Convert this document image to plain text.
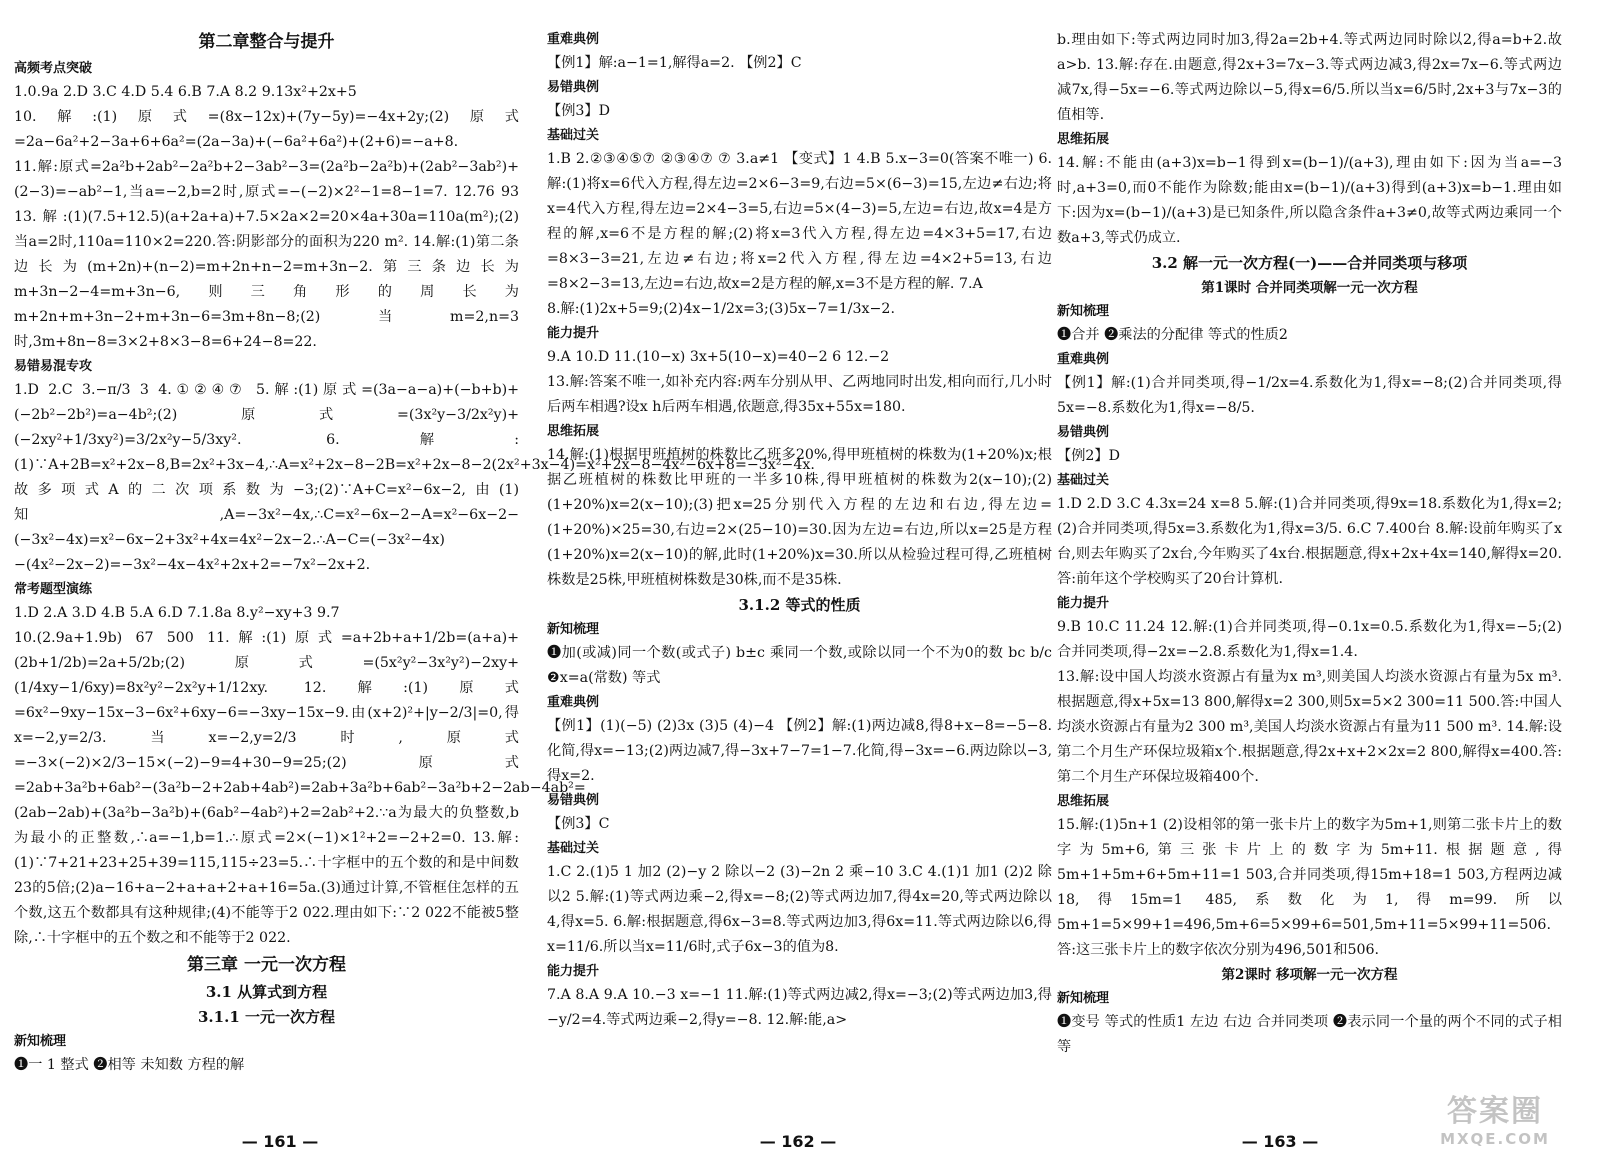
第二章整合与提升
高频考点突破

1.0.9a 2.D 3.C 4.D 5.4 6.B 7.A 8.2 9.13x²+2x+5

10.解:(1)原式=(8x−12x)+(7y−5y)=−4x+2y;(2)原式=2a−6a²+2−3a+6+6a²=(2a−3a)+(−6a²+6a²)+(2+6)=−a+8.

11.解:原式=2a²b+2ab²−2a²b+2−3ab²−3=(2a²b−2a²b)+(2ab²−3ab²)+(2−3)=−ab²−1,当a=−2,b=2时,原式=−(−2)×2²−1=8−1=7. 12.76 93 13.解:(1)(7.5+12.5)(a+2a+a)+7.5×2a×2=20×4a+30a=110a(m²);(2)当a=2时,110a=110×2=220.答:阴影部分的面积为220 m². 14.解:(1)第二条边长为(m+2n)+(n−2)=m+2n+n−2=m+3n−2.第三条边长为m+3n−2−4=m+3n−6,则三角形的周长为m+2n+m+3n−2+m+3n−6=3m+8n−8;(2)当m=2,n=3时,3m+8n−8=3×2+8×3−8=6+24−8=22.

易错易混专攻

1.D 2.C 3.−π/3 3 4.①②④⑦ 5.解:(1)原式=(3a−a−a)+(−b+b)+(−2b²−2b²)=a−4b²;(2)原式=(3x²y−3/2x²y)+(−2xy²+1/3xy²)=3/2x²y−5/3xy². 6.解:(1)∵A+2B=x²+2x−8,B=2x²+3x−4,∴A=x²+2x−8−2B=x²+2x−8−2(2x²+3x−4)=x²+2x−8−4x²−6x+8=−3x²−4x.故多项式A的二次项系数为−3;(2)∵A+C=x²−6x−2,由(1)知,A=−3x²−4x,∴C=x²−6x−2−A=x²−6x−2−(−3x²−4x)=x²−6x−2+3x²+4x=4x²−2x−2.∴A−C=(−3x²−4x)−(4x²−2x−2)=−3x²−4x−4x²+2x+2=−7x²−2x+2.

常考题型演练

1.D 2.A 3.D 4.B 5.A 6.D 7.1.8a 8.y²−xy+3 9.7

10.(2.9a+1.9b) 67 500 11.解:(1)原式=a+2b+a+1/2b=(a+a)+(2b+1/2b)=2a+5/2b;(2)原式=(5x²y²−3x²y²)−2xy+(1/4xy−1/6xy)=8x²y²−2x²y+1/12xy. 12.解:(1)原式=6x²−9xy−15x−3−6x²+6xy−6=−3xy−15x−9.由(x+2)²+|y−2/3|=0,得x=−2,y=2/3.当x=−2,y=2/3时,原式=−3×(−2)×2/3−15×(−2)−9=4+30−9=25;(2)原式=2ab+3a²b+6ab²−(3a²b−2+2ab+4ab²)=2ab+3a²b+6ab²−3a²b+2−2ab−4ab²=(2ab−2ab)+(3a²b−3a²b)+(6ab²−4ab²)+2=2ab²+2.∵a为最大的负整数,b为最小的正整数,∴a=−1,b=1.∴原式=2×(−1)×1²+2=−2+2=0. 13.解:(1)∵7+21+23+25+39=115,115÷23=5.∴十字框中的五个数的和是中间数23的5倍;(2)a−16+a−2+a+a+2+a+16=5a.(3)通过计算,不管框住怎样的五个数,这五个数都具有这种规律;(4)不能等于2 022.理由如下:∵2 022不能被5整除,∴十字框中的五个数之和不能等于2 022.

第三章 一元一次方程
3.1 从算式到方程
3.1.1 一元一次方程
新知梳理

❶一 1 整式 ❷相等 未知数 方程的解

重难典例

【例1】解:a−1=1,解得a=2. 【例2】C

易错典例

【例3】D

基础过关

1.B 2.②③④⑤⑦ ②③④⑦ ⑦ 3.a≠1 【变式】1 4.B 5.x−3=0(答案不唯一) 6.解:(1)将x=6代入方程,得左边=2×6−3=9,右边=5×(6−3)=15,左边≠右边;将x=4代入方程,得左边=2×4−3=5,右边=5×(4−3)=5,左边=右边,故x=4是方程的解,x=6不是方程的解;(2)将x=3代入方程,得左边=4×3+5=17,右边=8×3−3=21,左边≠右边;将x=2代入方程,得左边=4×2+5=13,右边=8×2−3=13,左边=右边,故x=2是方程的解,x=3不是方程的解. 7.A

8.解:(1)2x+5=9;(2)4x−1/2x=3;(3)5x−7=1/3x−2.

能力提升

9.A 10.D 11.(10−x) 3x+5(10−x)=40−2 6 12.−2

13.解:答案不唯一,如补充内容:两车分别从甲、乙两地同时出发,相向而行,几小时后两车相遇?设x h后两车相遇,依题意,得35x+55x=180.

思维拓展

14.解:(1)根据甲班植树的株数比乙班多20%,得甲班植树的株数为(1+20%)x;根据乙班植树的株数比甲班的一半多10株,得甲班植树的株数为2(x−10);(2)(1+20%)x=2(x−10);(3)把x=25分别代入方程的左边和右边,得左边=(1+20%)×25=30,右边=2×(25−10)=30.因为左边=右边,所以x=25是方程(1+20%)x=2(x−10)的解,此时(1+20%)x=30.所以从检验过程可得,乙班植树株数是25株,甲班植树株数是30株,而不是35株.

3.1.2 等式的性质
新知梳理

❶加(或减)同一个数(或式子) b±c 乘同一个数,或除以同一个不为0的数 bc b/c ❷x=a(常数) 等式

重难典例

【例1】(1)(−5) (2)3x (3)5 (4)−4 【例2】解:(1)两边减8,得8+x−8=−5−8.化简,得x=−13;(2)两边减7,得−3x+7−7=1−7.化简,得−3x=−6.两边除以−3,得x=2.

易错典例

【例3】C

基础过关

1.C 2.(1)5 1 加2 (2)−y 2 除以−2 (3)−2n 2 乘−10 3.C 4.(1)1 加1 (2)2 除以2 5.解:(1)等式两边乘−2,得x=−8;(2)等式两边加7,得4x=20,等式两边除以4,得x=5. 6.解:根据题意,得6x−3=8.等式两边加3,得6x=11.等式两边除以6,得x=11/6.所以当x=11/6时,式子6x−3的值为8.

能力提升

7.A 8.A 9.A 10.−3 x=−1 11.解:(1)等式两边减2,得x=−3;(2)等式两边加3,得−y/2=4.等式两边乘−2,得y=−8. 12.解:能,a>

b.理由如下:等式两边同时加3,得2a=2b+4.等式两边同时除以2,得a=b+2.故a>b. 13.解:存在.由题意,得2x+3=7x−3.等式两边减3,得2x=7x−6.等式两边减7x,得−5x=−6.等式两边除以−5,得x=6/5.所以当x=6/5时,2x+3与7x−3的值相等.

思维拓展

14.解:不能由(a+3)x=b−1得到x=(b−1)/(a+3),理由如下:因为当a=−3时,a+3=0,而0不能作为除数;能由x=(b−1)/(a+3)得到(a+3)x=b−1.理由如下:因为x=(b−1)/(a+3)是已知条件,所以隐含条件a+3≠0,故等式两边乘同一个数a+3,等式仍成立.

3.2 解一元一次方程(一)——合并同类项与移项
第1课时 合并同类项解一元一次方程
新知梳理

❶合并 ❷乘法的分配律 等式的性质2

重难典例

【例1】解:(1)合并同类项,得−1/2x=4.系数化为1,得x=−8;(2)合并同类项,得5x=−8.系数化为1,得x=−8/5.

易错典例

【例2】D

基础过关

1.D 2.D 3.C 4.3x=24 x=8 5.解:(1)合并同类项,得9x=18.系数化为1,得x=2;(2)合并同类项,得5x=3.系数化为1,得x=3/5. 6.C 7.400台 8.解:设前年购买了x台,则去年购买了2x台,今年购买了4x台.根据题意,得x+2x+4x=140,解得x=20.答:前年这个学校购买了20台计算机.

能力提升

9.B 10.C 11.24 12.解:(1)合并同类项,得−0.1x=0.5.系数化为1,得x=−5;(2)合并同类项,得−2x=−2.8.系数化为1,得x=1.4.

13.解:设中国人均淡水资源占有量为x m³,则美国人均淡水资源占有量为5x m³.根据题意,得x+5x=13 800,解得x=2 300,则5x=5×2 300=11 500.答:中国人均淡水资源占有量为2 300 m³,美国人均淡水资源占有量为11 500 m³. 14.解:设第二个月生产环保垃圾箱x个.根据题意,得2x+x+2×2x=2 800,解得x=400.答:第二个月生产环保垃圾箱400个.

思维拓展

15.解:(1)5n+1 (2)设相邻的第一张卡片上的数字为5m+1,则第二张卡片上的数字为5m+6,第三张卡片上的数字为5m+11.根据题意,得5m+1+5m+6+5m+11=1 503,合并同类项,得15m+18=1 503,方程两边减18,得15m=1 485,系数化为1,得m=99.所以5m+1=5×99+1=496,5m+6=5×99+6=501,5m+11=5×99+11=506.答:这三张卡片上的数字依次分别为496,501和506.

第2课时 移项解一元一次方程
新知梳理

❶变号 等式的性质1 左边 右边 合并同类项 ❷表示同一个量的两个不同的式子相等

— 161 —	— 162 —	— 163 —
答案圈
MXQE.COM
